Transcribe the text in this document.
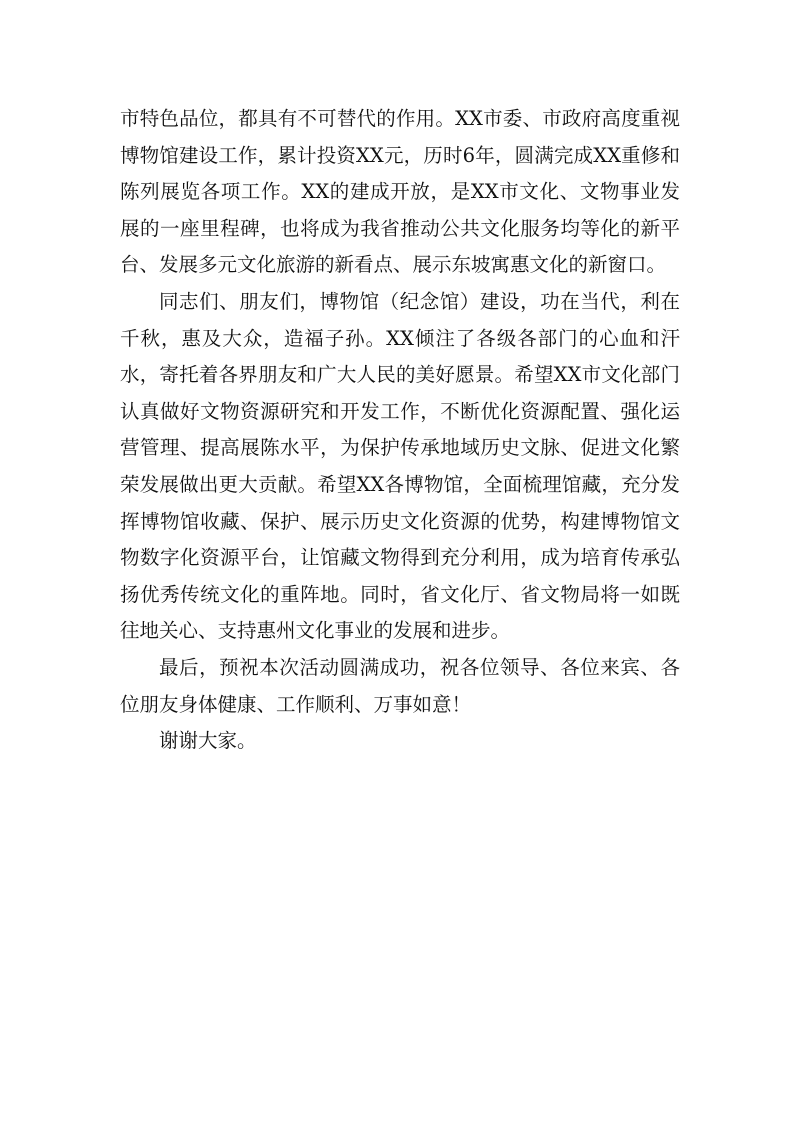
市特色品位，都具有不可替代的作用。XX市委、市政府高度重视博物馆建设工作，累计投资XX元，历时6年，圆满完成XX重修和陈列展览各项工作。XX的建成开放，是XX市文化、文物事业发展的一座里程碑，也将成为我省推动公共文化服务均等化的新平台、发展多元文化旅游的新看点、展示东坡寓惠文化的新窗口。

同志们、朋友们，博物馆（纪念馆）建设，功在当代，利在千秋，惠及大众，造福子孙。XX倾注了各级各部门的心血和汗水，寄托着各界朋友和广大人民的美好愿景。希望XX市文化部门认真做好文物资源研究和开发工作，不断优化资源配置、强化运营管理、提高展陈水平，为保护传承地域历史文脉、促进文化繁荣发展做出更大贡献。希望XX各博物馆，全面梳理馆藏，充分发挥博物馆收藏、保护、展示历史文化资源的优势，构建博物馆文物数字化资源平台，让馆藏文物得到充分利用，成为培育传承弘扬优秀传统文化的重阵地。同时，省文化厅、省文物局将一如既往地关心、支持惠州文化事业的发展和进步。

最后，预祝本次活动圆满成功，祝各位领导、各位来宾、各位朋友身体健康、工作顺利、万事如意！

谢谢大家。
